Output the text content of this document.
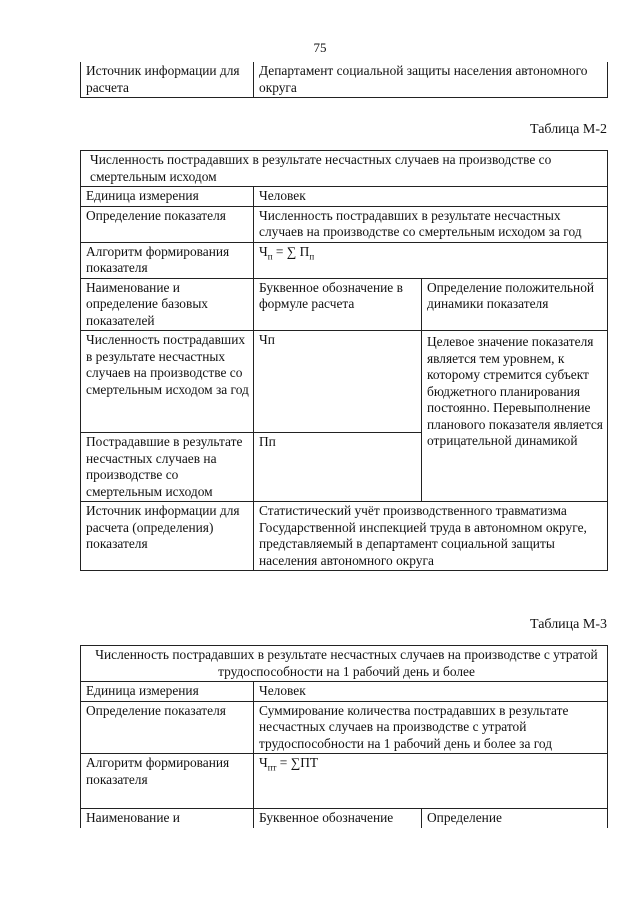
75
Источник информации для расчета	Департамент социальной защиты населения автономного округа
Таблица М-2
Численность пострадавших в результате несчастных случаев на производстве со смертельным исходом		
Единица измерения	Человек	
Определение показателя	Численность пострадавших в результате несчастных случаев на производстве со смертельным исходом за год	
Алгоритм формирования показателя	$Ч_п$ = ∑ $П_п$
Наименование и определение базовых показателей	Буквенное обозначение в формуле расчета	Определение положительной динамики показателя
Численность пострадавших в результате несчастных случаев на производстве со смертельным исходом за год	Чп	Целевое значение показателя является тем уровнем, к которому стремится субъект бюджетного планирования постоянно. Перевыполнение планового показателя является отрицательной динамикой
Пострадавшие в результате несчастных случаев на производстве со смертельным исходом	Пп	
Источник информации для расчета (определения) показателя	Статистический учёт производственного травматизма Государственной инспекцией труда в автономном округе, представляемый в департамент социальной защиты населения автономного округа	
Таблица М-3
Численность пострадавших в результате несчастных случаев на производстве с утратой трудоспособности на 1 рабочий день и более		
Единица измерения	Человек	
Определение показателя	Суммирование количества пострадавших в результате несчастных случаев на производстве с утратой трудоспособности на 1 рабочий день и более за год	
Алгоритм формирования показателя	$Ч_{пт} = \sum ПТ$	
Наименование и	Буквенное обозначение	Определение
